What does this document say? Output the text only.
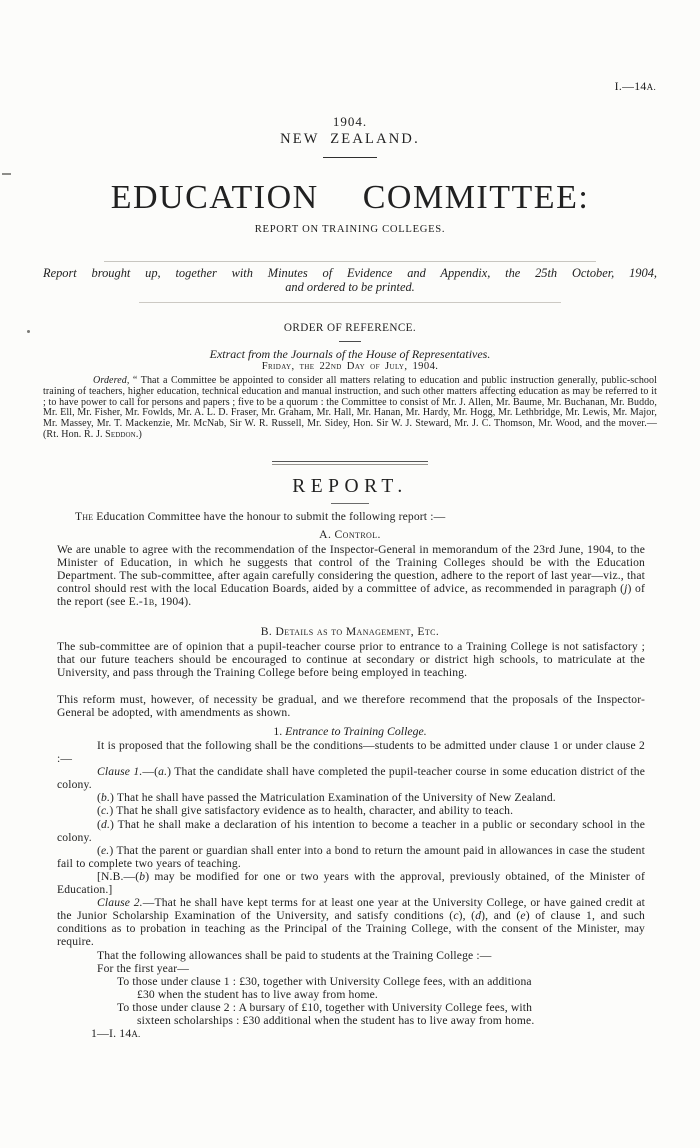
I.—14A.
1904.
NEW ZEALAND.
EDUCATION COMMITTEE:
REPORT ON TRAINING COLLEGES.
Report brought up, together with Minutes of Evidence and Appendix, the 25th October, 1904,
and ordered to be printed.
ORDER OF REFERENCE.
Extract from the Journals of the House of Representatives.
Friday, the 22nd Day of July, 1904.
Ordered, “ That a Committee be appointed to consider all matters relating to education and public instruction generally, public-school training of teachers, higher education, technical education and manual instruction, and such other matters affecting education as may be referred to it ; to have power to call for persons and papers ; five to be a quorum : the Committee to consist of Mr. J. Allen, Mr. Baume, Mr. Buchanan, Mr. Buddo, Mr. Ell, Mr. Fisher, Mr. Fowlds, Mr. A. L. D. Fraser, Mr. Graham, Mr. Hall, Mr. Hanan, Mr. Hardy, Mr. Hogg, Mr. Lethbridge, Mr. Lewis, Mr. Major, Mr. Massey, Mr. T. Mackenzie, Mr. McNab, Sir W. R. Russell, Mr. Sidey, Hon. Sir W. J. Steward, Mr. J. C. Thomson, Mr. Wood, and the mover.—(Rt. Hon. R. J. Seddon.)
REPORT.
The Education Committee have the honour to submit the following report :—
A. Control.
We are unable to agree with the recommendation of the Inspector-General in memorandum of the 23rd June, 1904, to the Minister of Education, in which he suggests that control of the Training Colleges should be with the Education Department. The sub-committee, after again carefully considering the question, adhere to the report of last year—viz., that control should rest with the local Education Boards, aided by a committee of advice, as recommended in paragraph (j) of the report (see E.-1b, 1904).
B. Details as to Management, Etc.
The sub-committee are of opinion that a pupil-teacher course prior to entrance to a Training College is not satisfactory ; that our future teachers should be encouraged to continue at secondary or district high schools, to matriculate at the University, and pass through the Training College before being employed in teaching.
This reform must, however, of necessity be gradual, and we therefore recommend that the proposals of the Inspector-General be adopted, with amendments as shown.
1. Entrance to Training College.

It is proposed that the following shall be the conditions—students to be admitted under clause 1 or under clause 2 :—

Clause 1.—(a.) That the candidate shall have completed the pupil-teacher course in some education district of the colony.

(b.) That he shall have passed the Matriculation Examination of the University of New Zealand.

(c.) That he shall give satisfactory evidence as to health, character, and ability to teach.

(d.) That he shall make a declaration of his intention to become a teacher in a public or secondary school in the colony.

(e.) That the parent or guardian shall enter into a bond to return the amount paid in allowances in case the student fail to complete two years of teaching.

[N.B.—(b) may be modified for one or two years with the approval, previously obtained, of the Minister of Education.]

Clause 2.—That he shall have kept terms for at least one year at the University College, or have gained credit at the Junior Scholarship Examination of the University, and satisfy conditions (c), (d), and (e) of clause 1, and such conditions as to probation in teaching as the Principal of the Training College, with the consent of the Minister, may require.

That the following allowances shall be paid to students at the Training College :—

For the first year—

To those under clause 1 : £30, together with University College fees, with an additiona
£30 when the student has to live away from home.

To those under clause 2 : A bursary of £10, together with University College fees, with
sixteen scholarships : £30 additional when the student has to live away from home.

1—I. 14A.
